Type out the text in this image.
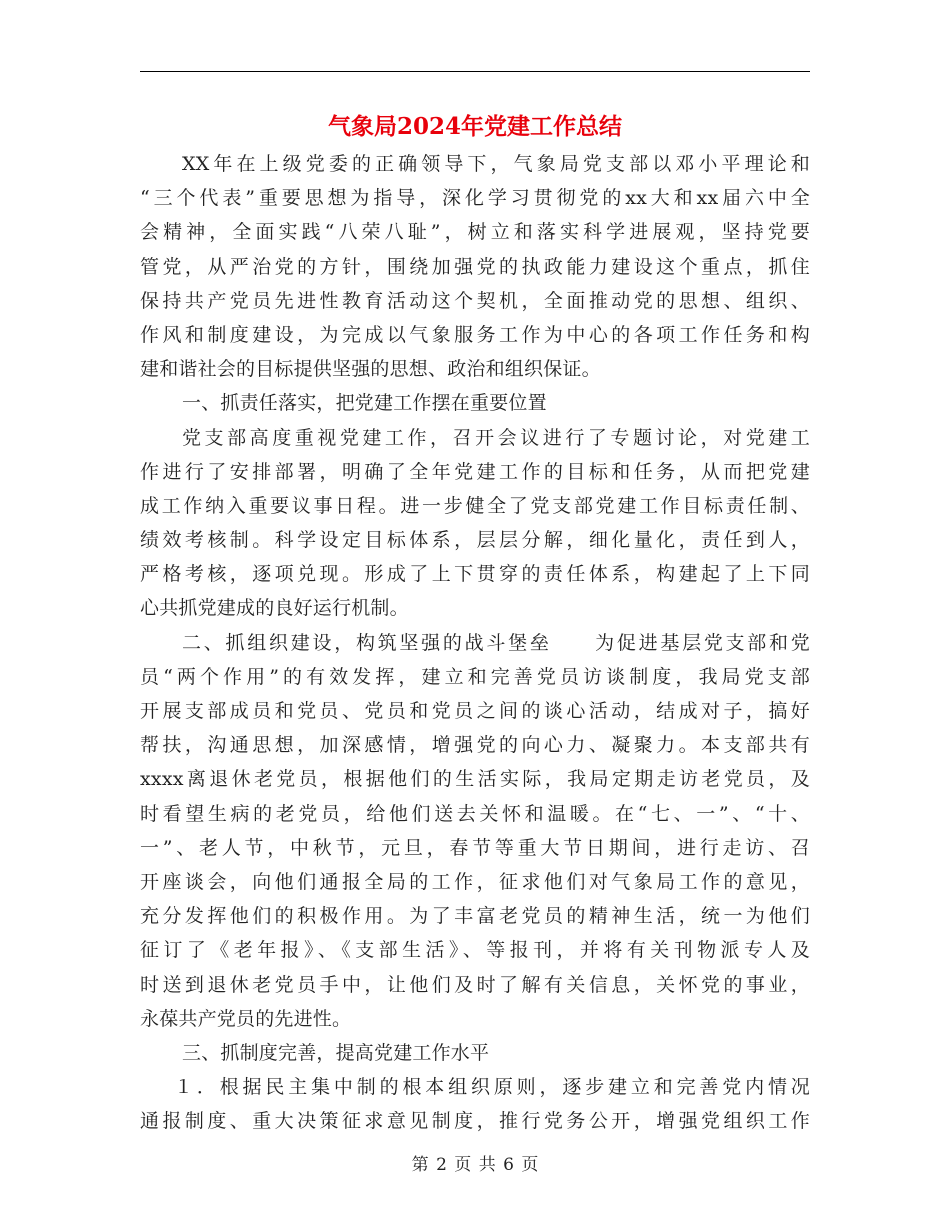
气象局2024年党建工作总结
XX年在上级党委的正确领导下，气象局党支部以邓小平理论和
“三个代表”重要思想为指导，深化学习贯彻党的xx大和xx届六中全
会精神，全面实践“八荣八耻”，树立和落实科学进展观，坚持党要
管党，从严治党的方针，围绕加强党的执政能力建设这个重点，抓住
保持共产党员先进性教育活动这个契机，全面推动党的思想、组织、
作风和制度建设，为完成以气象服务工作为中心的各项工作任务和构
建和谐社会的目标提供坚强的思想、政治和组织保证。
一、抓责任落实，把党建工作摆在重要位置
党支部高度重视党建工作，召开会议进行了专题讨论，对党建工
作进行了安排部署，明确了全年党建工作的目标和任务，从而把党建
成工作纳入重要议事日程。进一步健全了党支部党建工作目标责任制、
绩效考核制。科学设定目标体系，层层分解，细化量化，责任到人，
严格考核，逐项兑现。形成了上下贯穿的责任体系，构建起了上下同
心共抓党建成的良好运行机制。
二、抓组织建设，构筑坚强的战斗堡垒　　为促进基层党支部和党
员“两个作用”的有效发挥，建立和完善党员访谈制度，我局党支部
开展支部成员和党员、党员和党员之间的谈心活动，结成对子，搞好
帮扶，沟通思想，加深感情，增强党的向心力、凝聚力。本支部共有
xxxx离退休老党员，根据他们的生活实际，我局定期走访老党员，及
时看望生病的老党员，给他们送去关怀和温暖。在“七、一”、“十、
一”、老人节，中秋节，元旦，春节等重大节日期间，进行走访、召
开座谈会，向他们通报全局的工作，征求他们对气象局工作的意见，
充分发挥他们的积极作用。为了丰富老党员的精神生活，统一为他们
征订了《老年报》、《支部生活》、等报刊，并将有关刊物派专人及
时送到退休老党员手中，让他们及时了解有关信息，关怀党的事业，
永葆共产党员的先进性。
三、抓制度完善，提高党建工作水平
１．根据民主集中制的根本组织原则，逐步建立和完善党内情况
通报制度、重大决策征求意见制度，推行党务公开，增强党组织工作
第 2 页 共 6 页
